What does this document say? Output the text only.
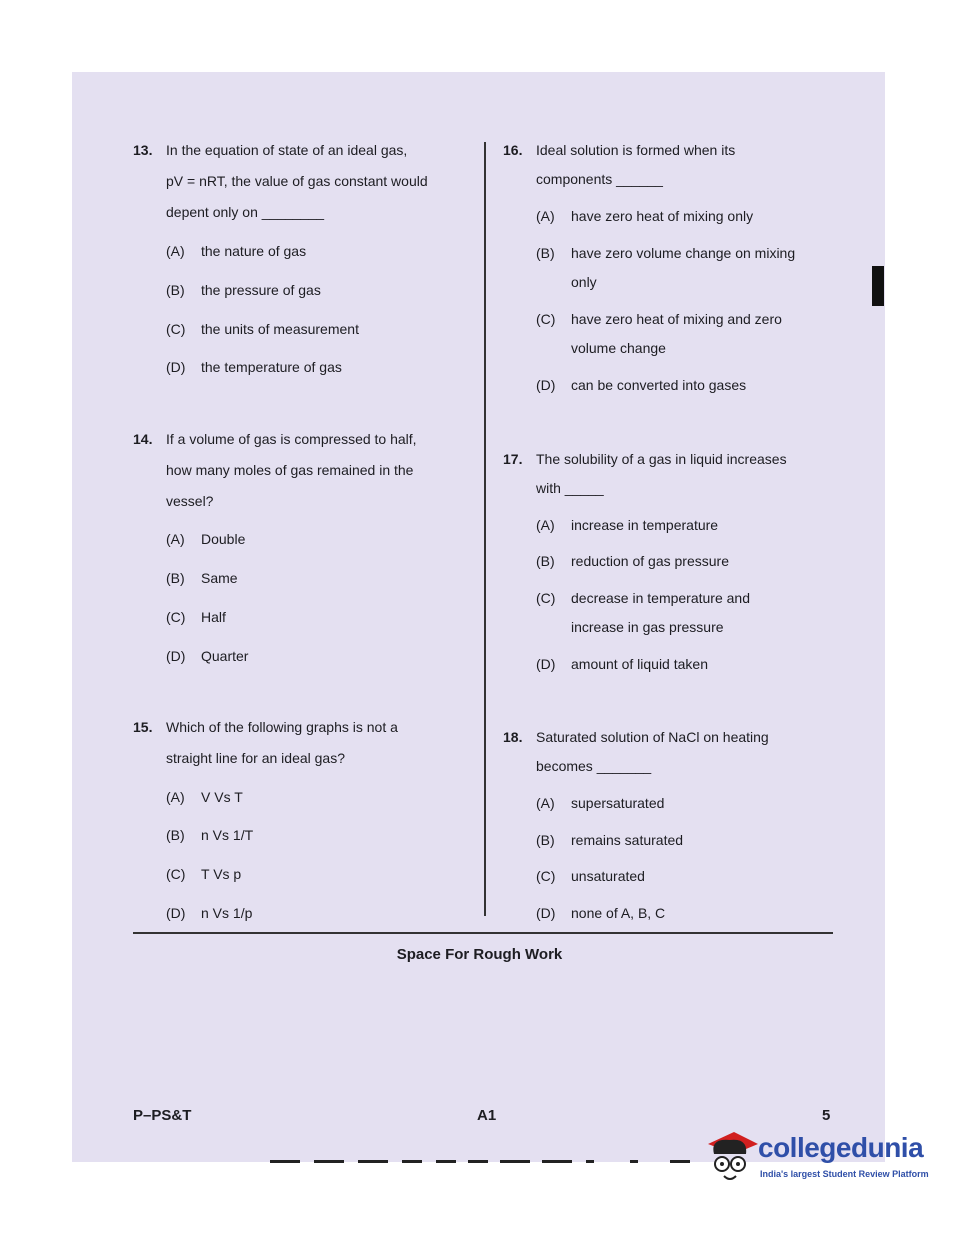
13. In the equation of state of an ideal gas,
pV = nRT, the value of gas constant would
depent only on ________
(A) the nature of gas
(B) the pressure of gas
(C) the units of measurement
(D) the temperature of gas
14. If a volume of gas is compressed to half,
how many moles of gas remained in the
vessel?
(A) Double
(B) Same
(C) Half
(D) Quarter
15. Which of the following graphs is not a
straight line for an ideal gas?
(A) V Vs T
(B) n Vs 1/T
(C) T Vs p
(D) n Vs 1/p
16. Ideal solution is formed when its
components ______
(A) have zero heat of mixing only
(B) have zero volume change on mixing
only
(C) have zero heat of mixing and zero
volume change
(D) can be converted into gases
17. The solubility of a gas in liquid increases
with _____
(A) increase in temperature
(B) reduction of gas pressure
(C) decrease in temperature and
increase in gas pressure
(D) amount of liquid taken
18. Saturated solution of NaCl on heating
becomes _______
(A) supersaturated
(B) remains saturated
(C) unsaturated
(D) none of A, B, C
Space For Rough Work
P–PS&T	A1	5
collegedunia
India's largest Student Review Platform
